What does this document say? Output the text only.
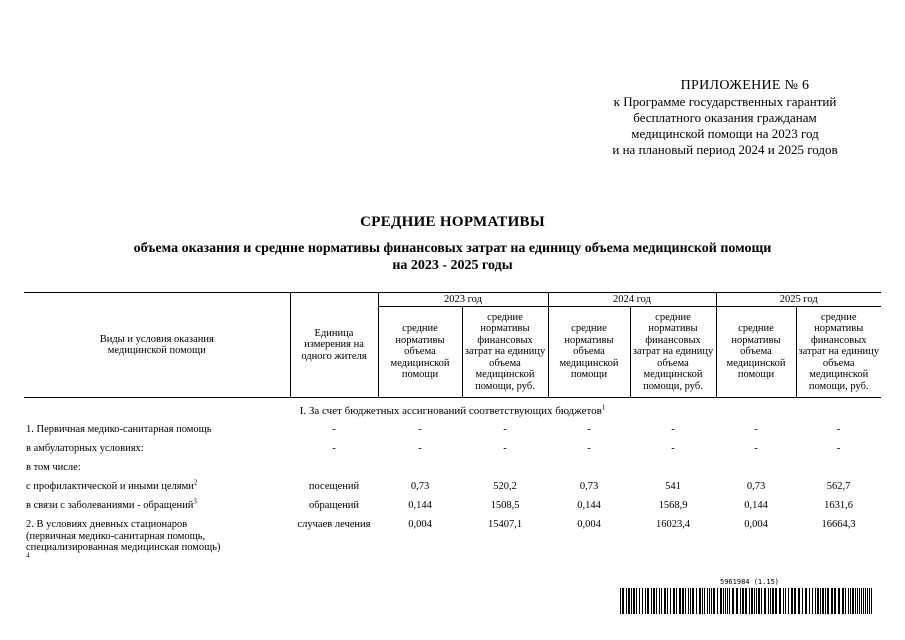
ПРИЛОЖЕНИЕ № 6
к Программе государственных гарантий
бесплатного оказания гражданам
медицинской помощи на 2023 год
и на плановый период 2024 и 2025 годов
СРЕДНИЕ НОРМАТИВЫ
объема оказания и средние нормативы финансовых затрат на единицу объема медицинской помощи
на 2023 - 2025 годы
Виды и условия оказания медицинской помощи	Единица измерения на одного жителя	2023 год		2024 год		2025 год	

		средние нормативы объема медицинской помощи	средние нормативы финансовых затрат на единицу объема медицинской помощи, руб.	средние нормативы объема медицинской помощи	средние нормативы финансовых затрат на единицу объема медицинской помощи, руб.	средние нормативы объема медицинской помощи	средние нормативы финансовых затрат на единицу объема медицинской помощи, руб.
I. За счет бюджетных ассигнований соответствующих бюджетов$^1$
1. Первичная медико-санитарная помощь	-	-	-	-	-	-	-
в амбулаторных условиях:	-	-	-	-	-	-	-
в том числе:							
с профилактической и иными целями$^2$	посещений	0,73	520,2	0,73	541	0,73	562,7
в связи с заболеваниями - обращений$^3$	обращений	0,144	1508,5	0,144	1568,9	0,144	1631,6

2. В условиях дневных стационаров (первичная медико-санитарная помощь, специализированная медицинская помощь)
$^4$	случаев лечения	0,004	15407,1	0,004	16023,4	0,004	16664,3
5961984 (1.15)
